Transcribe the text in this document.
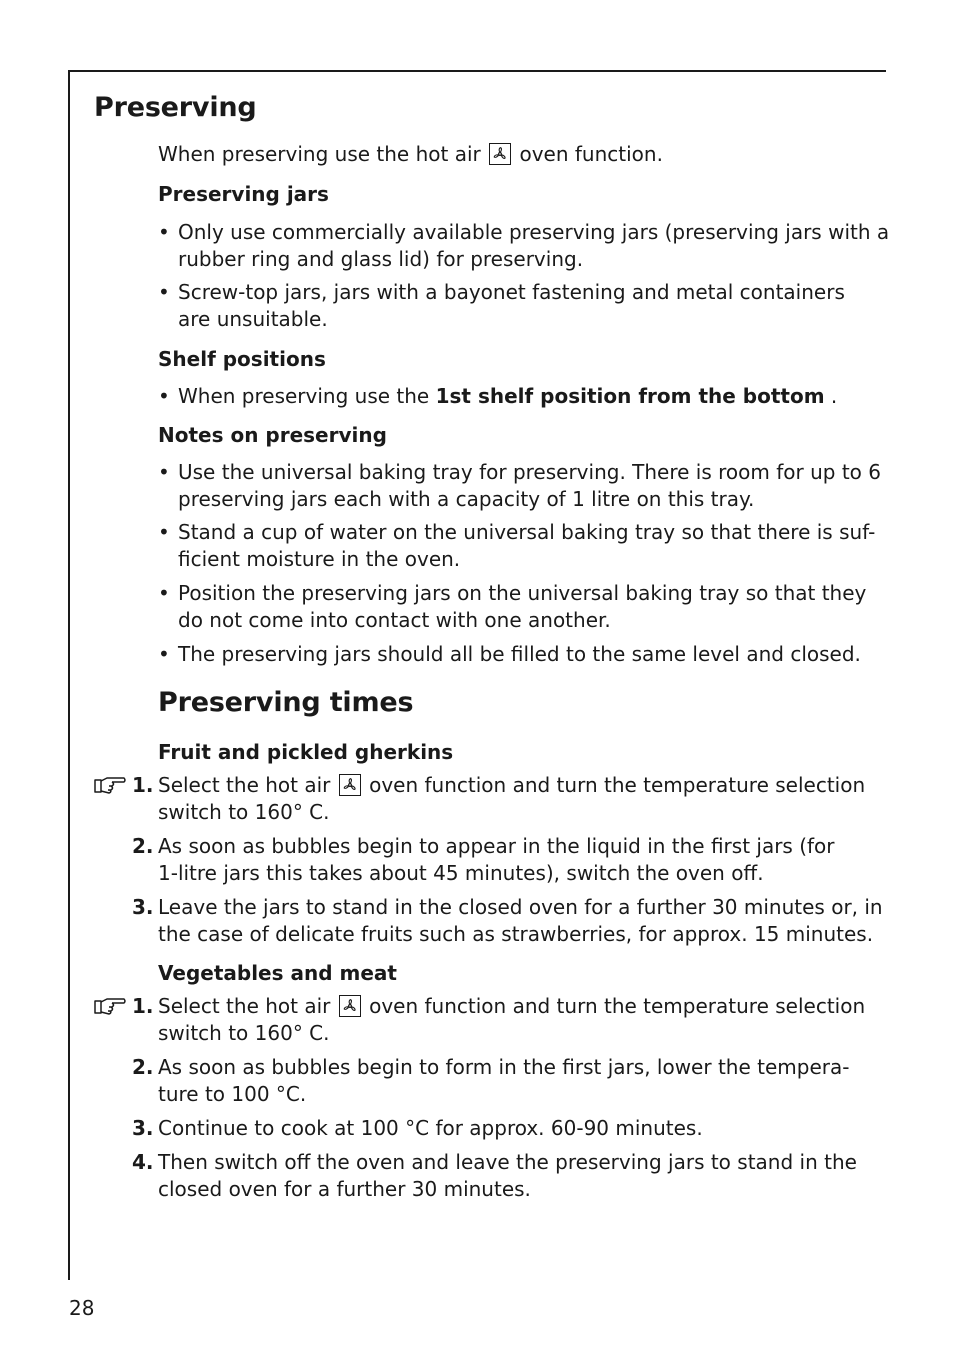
Preserving
When preserving use the hot air oven function.
Preserving jars
• Only use commercially available preserving jars (preserving jars with a
rubber ring and glass lid) for preserving.
• Screw-top jars, jars with a bayonet fastening and metal containers
are unsuitable.
Shelf positions
• When preserving use the 1st shelf position from the bottom .
Notes on preserving
• Use the universal baking tray for preserving. There is room for up to 6
preserving jars each with a capacity of 1 litre on this tray.
• Stand a cup of water on the universal baking tray so that there is suf-
ficient moisture in the oven.
• Position the preserving jars on the universal baking tray so that they
do not come into contact with one another.
• The preserving jars should all be filled to the same level and closed.
Preserving times
Fruit and pickled gherkins
1. Select the hot air oven function and turn the temperature selection
switch to 160° C.
2. As soon as bubbles begin to appear in the liquid in the first jars (for
1-litre jars this takes about 45 minutes), switch the oven off.
3. Leave the jars to stand in the closed oven for a further 30 minutes or, in
the case of delicate fruits such as strawberries, for approx. 15 minutes.
Vegetables and meat
1. Select the hot air oven function and turn the temperature selection
switch to 160° C.
2. As soon as bubbles begin to form in the first jars, lower the tempera-
ture to 100 °C.
3. Continue to cook at 100 °C for approx. 60-90 minutes.
4. Then switch off the oven and leave the preserving jars to stand in the
closed oven for a further 30 minutes.
28
